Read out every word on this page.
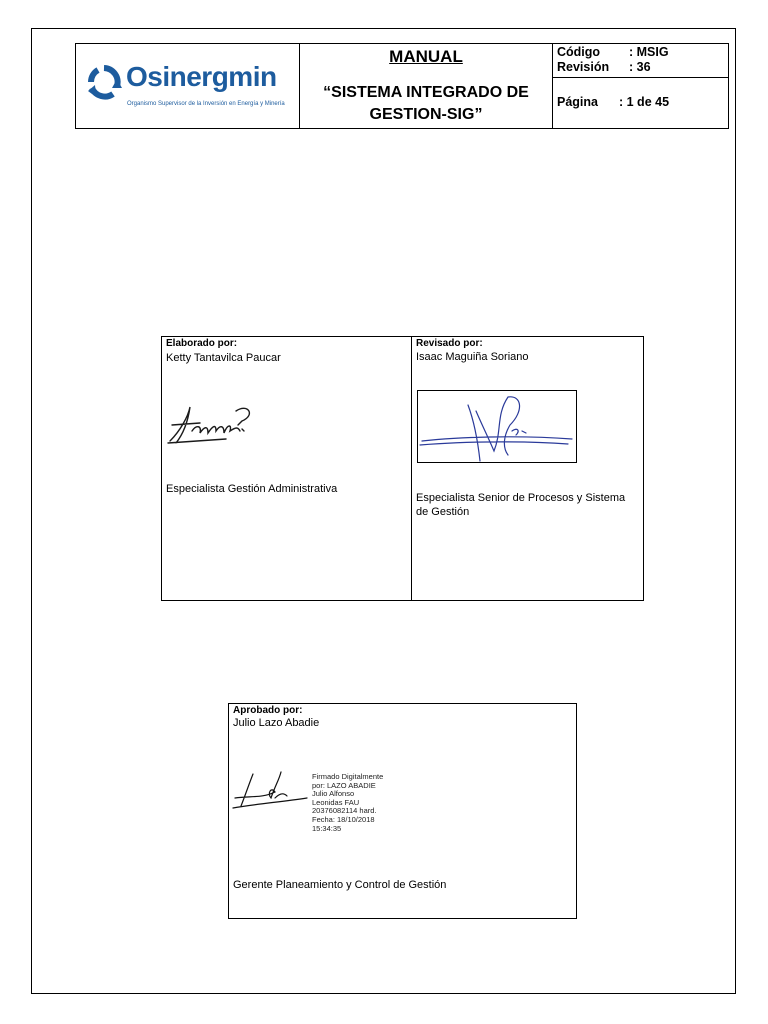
Osinergmin
Organismo Supervisor de la Inversión en Energía y Minería
MANUAL
“SISTEMA INTEGRADO DE
GESTION-SIG”
Código : MSIG
Revisión : 36
Página : 1 de 45
Elaborado por:
Ketty Tantavilca Paucar
Especialista Gestión Administrativa
Revisado por:
Isaac Maguiña Soriano
Especialista Senior de Procesos y Sistema de Gestión
Aprobado por:
Julio Lazo Abadie
Firmado Digitalmente
por: LAZO ABADIE
Julio Alfonso
Leonidas FAU
20376082114 hard.
Fecha: 18/10/2018
15:34:35
Gerente Planeamiento y Control de Gestión
